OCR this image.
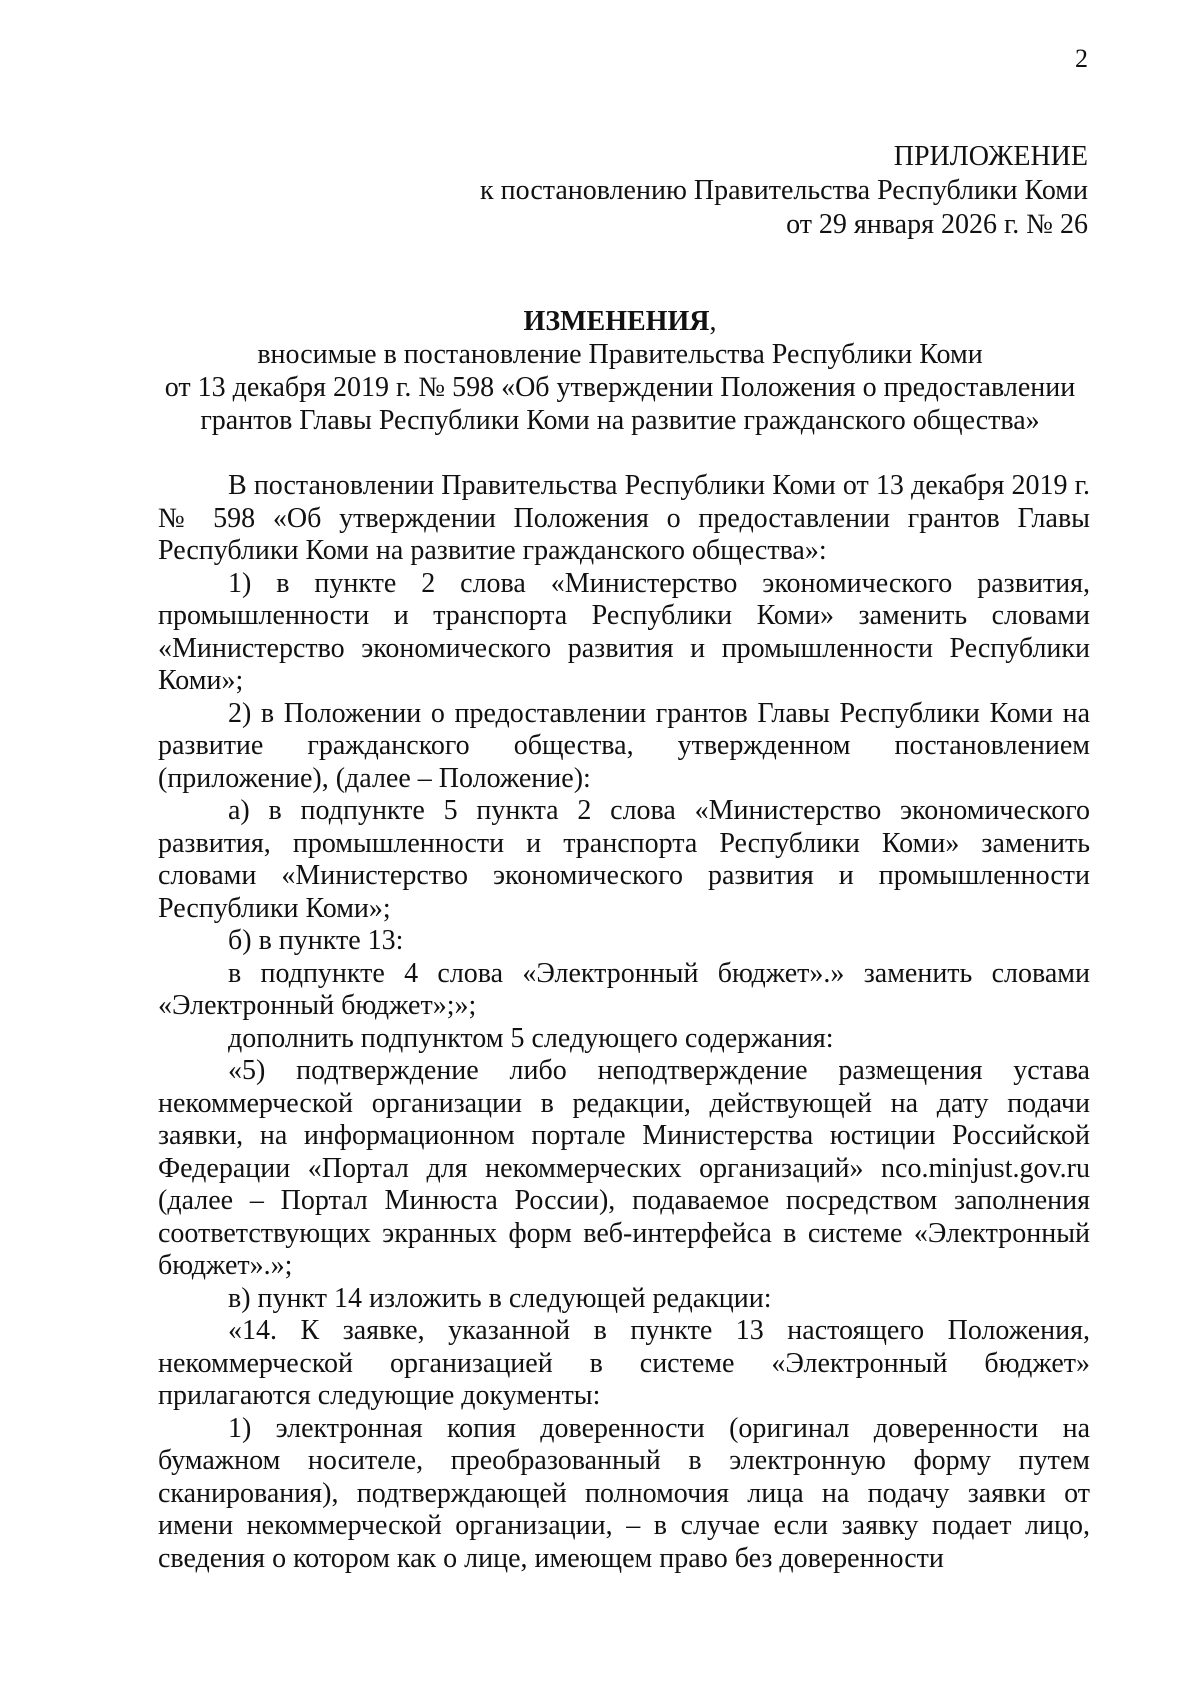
2
ПРИЛОЖЕНИЕ
к постановлению Правительства Республики Коми
от 29 января 2026 г. № 26
ИЗМЕНЕНИЯ,
вносимые в постановление Правительства Республики Коми
от 13 декабря 2019 г. № 598 «Об утверждении Положения о предоставлении
грантов Главы Республики Коми на развитие гражданского общества»

В постановлении Правительства Республики Коми от 13 декабря 2019 г. № 598 «Об утверждении Положения о предоставлении грантов Главы Республики Коми на развитие гражданского общества»:

1) в пункте 2 слова «Министерство экономического развития, промышленности и транспорта Республики Коми» заменить словами «Министерство экономического развития и промышленности Республики Коми»;

2) в Положении о предоставлении грантов Главы Республики Коми на развитие гражданского общества, утвержденном постановлением (приложение), (далее – Положение):

а) в подпункте 5 пункта 2 слова «Министерство экономического развития, промышленности и транспорта Республики Коми» заменить словами «Министерство экономического развития и промышленности Республики Коми»;

б) в пункте 13:

в подпункте 4 слова «Электронный бюджет».» заменить словами «Электронный бюджет»;»;

дополнить подпунктом 5 следующего содержания:

«5) подтверждение либо неподтверждение размещения устава некоммерческой организации в редакции, действующей на дату подачи заявки, на информационном портале Министерства юстиции Российской Федерации «Портал для некоммерческих организаций» nco.minjust.gov.ru (далее – Портал Минюста России), подаваемое посредством заполнения соответствующих экранных форм веб-интерфейса в системе «Электронный бюджет».»;

в) пункт 14 изложить в следующей редакции:

«14. К заявке, указанной в пункте 13 настоящего Положения, некоммерческой организацией в системе «Электронный бюджет» прилагаются следующие документы:

1) электронная копия доверенности (оригинал доверенности на бумажном носителе, преобразованный в электронную форму путем сканирования), подтверждающей полномочия лица на подачу заявки от имени некоммерческой организации, – в случае если заявку подает лицо, сведения о котором как о лице, имеющем право без доверенности
